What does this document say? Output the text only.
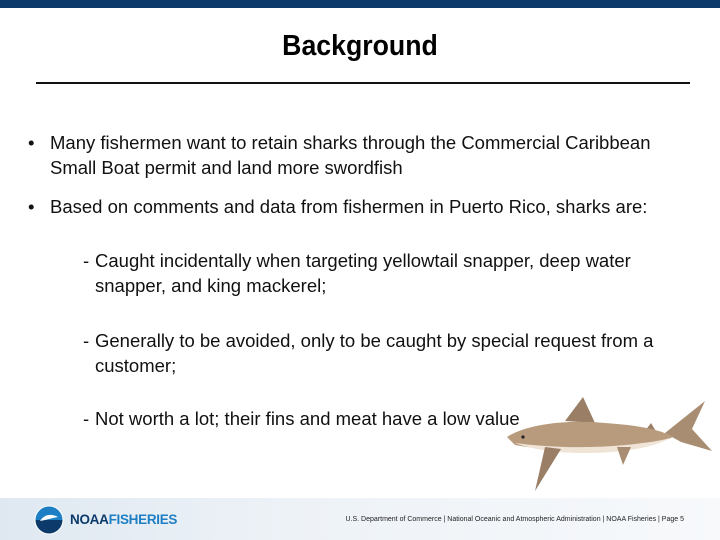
Background
• Many fishermen want to retain sharks through the Commercial Caribbean Small Boat permit and land more swordfish
• Based on comments and data from fishermen in Puerto Rico, sharks are:
- Caught incidentally when targeting yellowtail snapper, deep water snapper, and king mackerel;
- Generally to be avoided, only to be caught by special request from a customer;
- Not worth a lot; their fins and meat have a low value
NOAAFISHERIES	U.S. Department of Commerce | National Oceanic and Atmospheric Administration | NOAA Fisheries | Page 5
